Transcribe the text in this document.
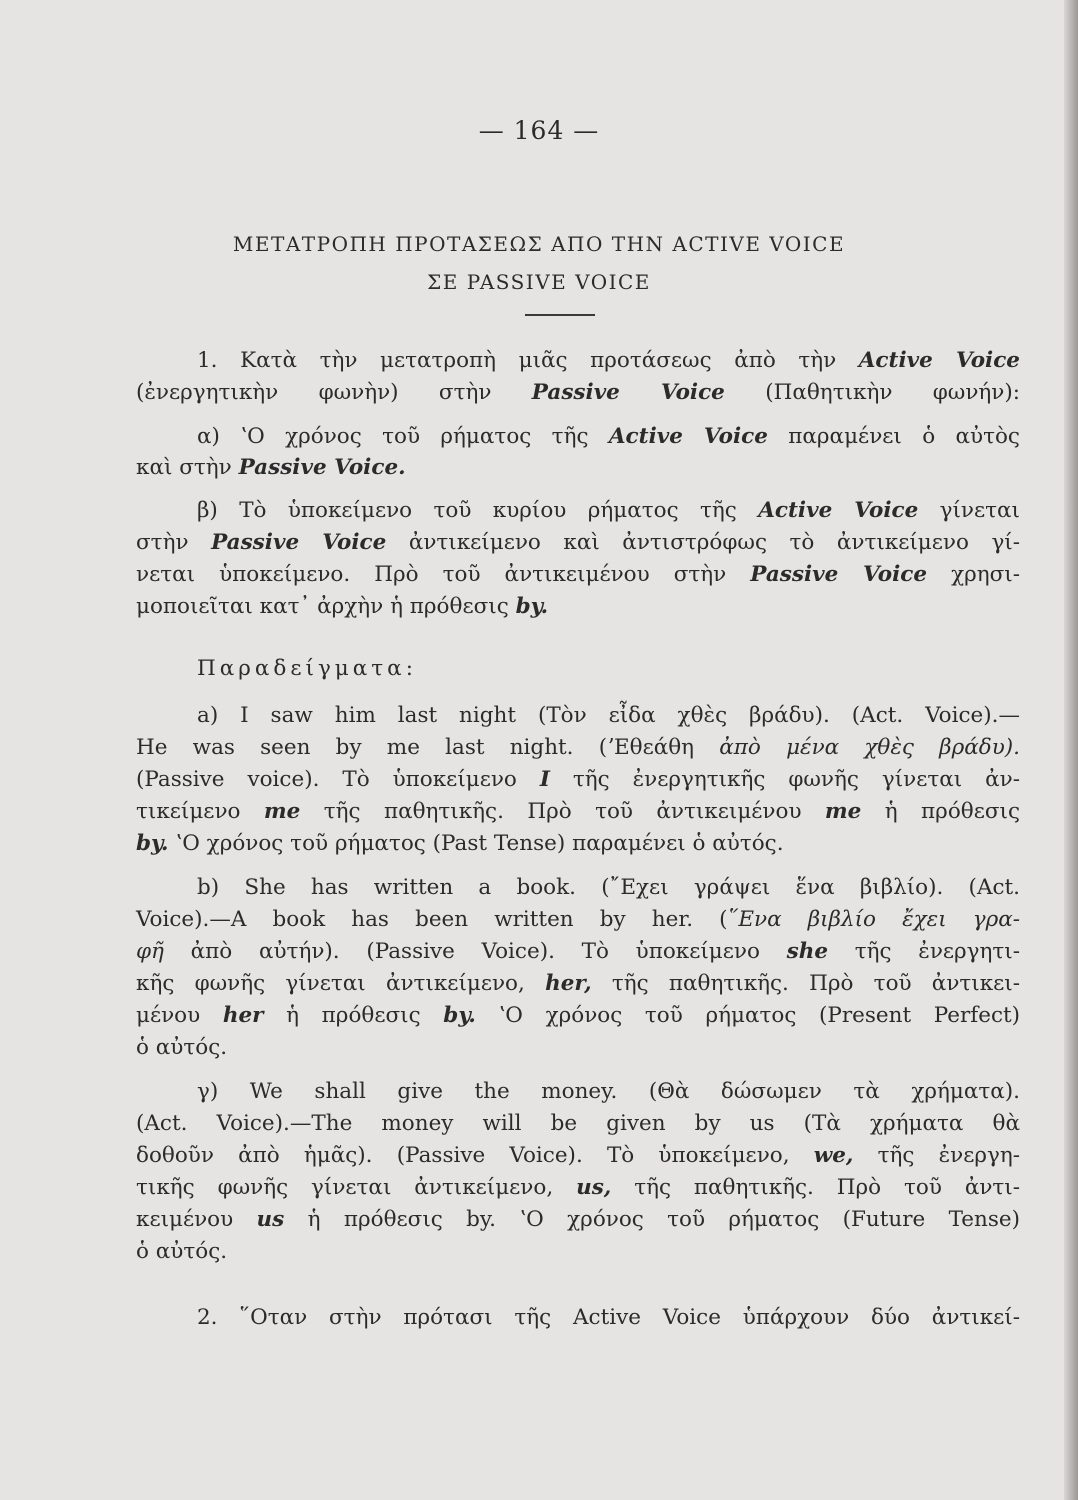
— 164 —
ΜΕΤΑΤΡΟΠΗ ΠΡΟΤΑΣΕΩΣ ΑΠΟ ΤΗΝ ACTIVE VOICE
ΣΕ PASSIVE VOICE
1. Κατὰ τὴν μετατροπὴ μιᾶς προτάσεως ἀπὸ τὴν Active Voice
(ἐνεργητικὴν φωνὴν) στὴν Passive Voice (Παθητικὴν φωνήν):
α) ʽΟ χρόνος τοῦ ρήματος τῆς Active Voice παραμένει ὁ αὐτὸς
καὶ στὴν Passive Voice.
β) Τὸ ὑποκείμενο τοῦ κυρίου ρήματος τῆς Active Voice γίνεται
στὴν Passive Voice ἀντικείμενο καὶ ἀντιστρόφως τὸ ἀντικείμενο γί-
νεται ὑποκείμενο. Πρὸ τοῦ ἀντικειμένου στὴν Passive Voice χρησι-
μοποιεῖται κατ᾽ ἀρχὴν ἡ πρόθεσις by.
Παραδείγματα:
a) I saw him last night (Τὸν εἶδα χθὲς βράδυ). (Act. Voice).—
He was seen by me last night. (ʼΕθεάθη ἀπὸ μένα χθὲς βράδυ).
(Passive voice). Τὸ ὑποκείμενο I τῆς ἐνεργητικῆς φωνῆς γίνεται ἀν-
τικείμενο me τῆς παθητικῆς. Πρὸ τοῦ ἀντικειμένου me ἡ πρόθεσις
by. ʽΟ χρόνος τοῦ ρήματος (Past Tense) παραμένει ὁ αὐτός.
b) She has written a book. (῎Εχει γράψει ἕνα βιβλίο). (Act.
Voice).—A book has been written by her. (῞Ενα βιβλίο ἔχει γρα-
φῆ ἀπὸ αὐτήν). (Passive Voice). Τὸ ὑποκείμενο she τῆς ἐνεργητι-
κῆς φωνῆς γίνεται ἀντικείμενο, her, τῆς παθητικῆς. Πρὸ τοῦ ἀντικει-
μένου her ἡ πρόθεσις by. ʽΟ χρόνος τοῦ ρήματος (Present Perfect)
ὁ αὐτός.
γ) We shall give the money. (Θὰ δώσωμεν τὰ χρήματα).
(Act. Voice).—The money will be given by us (Τὰ χρήματα θὰ
δοθοῦν ἀπὸ ἡμᾶς). (Passive Voice). Τὸ ὑποκείμενο, we, τῆς ἐνεργη-
τικῆς φωνῆς γίνεται ἀντικείμενο, us, τῆς παθητικῆς. Πρὸ τοῦ ἀντι-
κειμένου us ἡ πρόθεσις by. ʽΟ χρόνος τοῦ ρήματος (Future Tense)
ὁ αὐτός.
2. ῞Οταν στὴν πρότασι τῆς Active Voice ὑπάρχουν δύο ἀντικεί-
